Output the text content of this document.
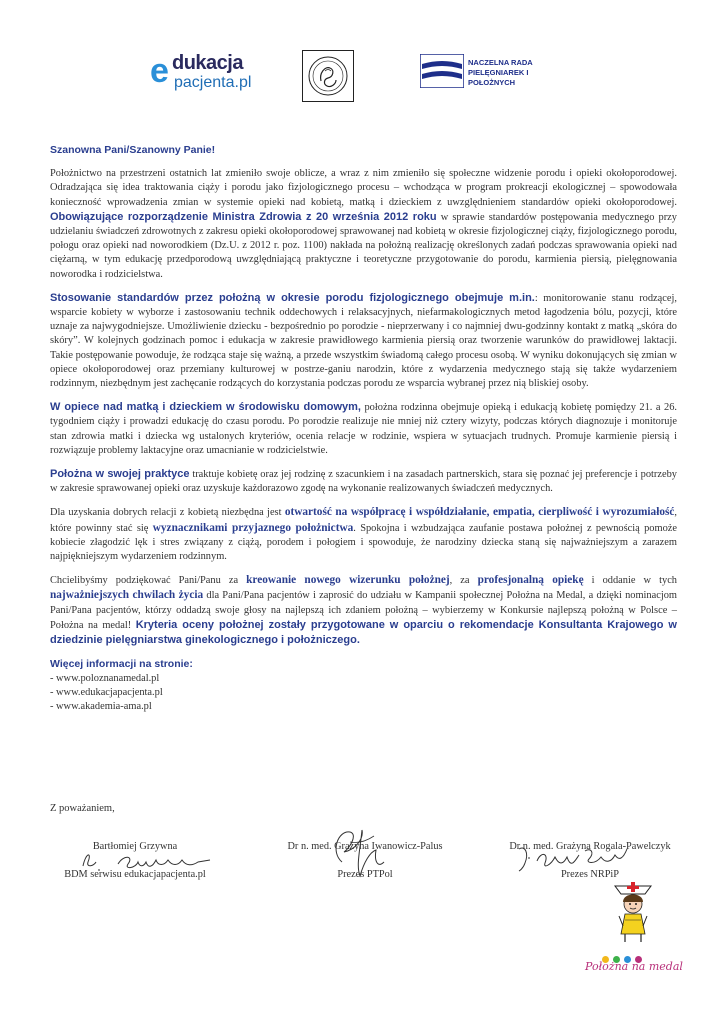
e dukacja
pacjenta.pl
NACZELNA RADA
PIELĘGNIAREK I POŁOŻNYCH

Szanowna Pani/Szanowny Panie!

Położnictwo na przestrzeni ostatnich lat zmieniło swoje oblicze, a wraz z nim zmieniło się społeczne widzenie porodu i opieki okołoporodowej. Odradzająca się idea traktowania ciąży i porodu jako fizjologicznego procesu – wchodząca w program prokreacji ekologicznej – spowodowała konieczność wprowadzenia zmian w systemie opieki nad kobietą, matką i dzieckiem z uwzględnieniem standardów opieki okołoporodowej. Obowiązujące rozporządzenie Ministra Zdrowia z 20 września 2012 roku w sprawie standardów postępowania medycznego przy udzielaniu świadczeń zdrowotnych z zakresu opieki okołoporodowej sprawowanej nad kobietą w okresie fizjologicznej ciąży, fizjologicznego porodu, połogu oraz opieki nad noworodkiem (Dz.U. z 2012 r. poz. 1100) nakłada na położną realizację określonych zadań podczas sprawowania opieki nad ciężarną, w tym edukację przedporodową uwzględniającą praktyczne i teoretyczne przygotowanie do porodu, karmienia piersią, pielęgnowania noworodka i rodzicielstwa.

Stosowanie standardów przez położną w okresie porodu fizjologicznego obejmuje m.in.: monitorowanie stanu rodzącej, wsparcie kobiety w wyborze i zastosowaniu technik oddechowych i relaksacyjnych, niefarmakologicznych metod łagodzenia bólu, pozycji, które uznaje za najwygodniejsze. Umożliwienie dziecku - bezpośrednio po porodzie - nieprzerwany i co najmniej dwu-godzinny kontakt z matką „skóra do skóry”. W kolejnych godzinach pomoc i edukacja w zakresie prawidłowego karmienia piersią oraz tworzenie warunków do prawidłowej laktacji. Takie postępowanie powoduje, że rodząca staje się ważną, a przede wszystkim świadomą całego procesu osobą. W wyniku dokonujących się zmian w opiece okołoporodowej oraz przemiany kulturowej w postrze-ganiu narodzin, które z wydarzenia medycznego stają się także wydarzeniem rodzinnym, niezbędnym jest zachęcanie rodzących do korzystania podczas porodu ze wsparcia wybranej przez nią bliskiej osoby.

W opiece nad matką i dzieckiem w środowisku domowym, położna rodzinna obejmuje opieką i edukacją kobietę pomiędzy 21. a 26. tygodniem ciąży i prowadzi edukację do czasu porodu. Po porodzie realizuje nie mniej niż cztery wizyty, podczas których diagnozuje i monitoruje stan zdrowia matki i dziecka wg ustalonych kryteriów, ocenia relacje w rodzinie, wspiera w sytuacjach trudnych. Promuje karmienie piersią i rozwiązuje problemy laktacyjne oraz umacnianie w rodzicielstwie.

Położna w swojej praktyce traktuje kobietę oraz jej rodzinę z szacunkiem i na zasadach partnerskich, stara się poznać jej preferencje i potrzeby w zakresie sprawowanej opieki oraz uzyskuje każdorazowo zgodę na wykonanie realizowanych świadczeń medycznych.

Dla uzyskania dobrych relacji z kobietą niezbędna jest otwartość na współpracę i współdziałanie, empatia, cierpliwość i wyrozumiałość, które powinny stać się wyznacznikami przyjaznego położnictwa. Spokojna i wzbudzająca zaufanie postawa położnej z pewnością pomoże kobiecie złagodzić lęk i stres związany z ciążą, porodem i połogiem i spowoduje, że narodziny dziecka staną się najważniejszym a zarazem najpiękniejszym wydarzeniem rodzinnym.

Chcielibyśmy podziękować Pani/Panu za kreowanie nowego wizerunku położnej, za profesjonalną opiekę i oddanie w tych najważniejszych chwilach życia dla Pani/Pana pacjentów i zaprosić do udziału w Kampanii społecznej Położna na Medal, a dzięki nominacjom Pani/Pana pacjentów, którzy oddadzą swoje głosy na najlepszą ich zdaniem położną – wybierzemy w Konkursie najlepszą położną w Polsce – Położna na medal! Kryteria oceny położnej zostały przygotowane w oparciu o rekomendacje Konsultanta Krajowego w dziedzinie pielęgniarstwa ginekologicznego i położniczego.

Więcej informacji na stronie:
- www.poloznanamedal.pl
- www.edukacjapacjenta.pl
- www.akademia-ama.pl
Z poważaniem,
Bartłomiej Grzywna
BDM serwisu edukacjapacjenta.pl
Dr n. med. Grażyna Iwanowicz-Palus
Prezes PTPol
Dr n. med. Grażyna Rogala-Pawelczyk
Prezes NRPiP
Położna na medal
